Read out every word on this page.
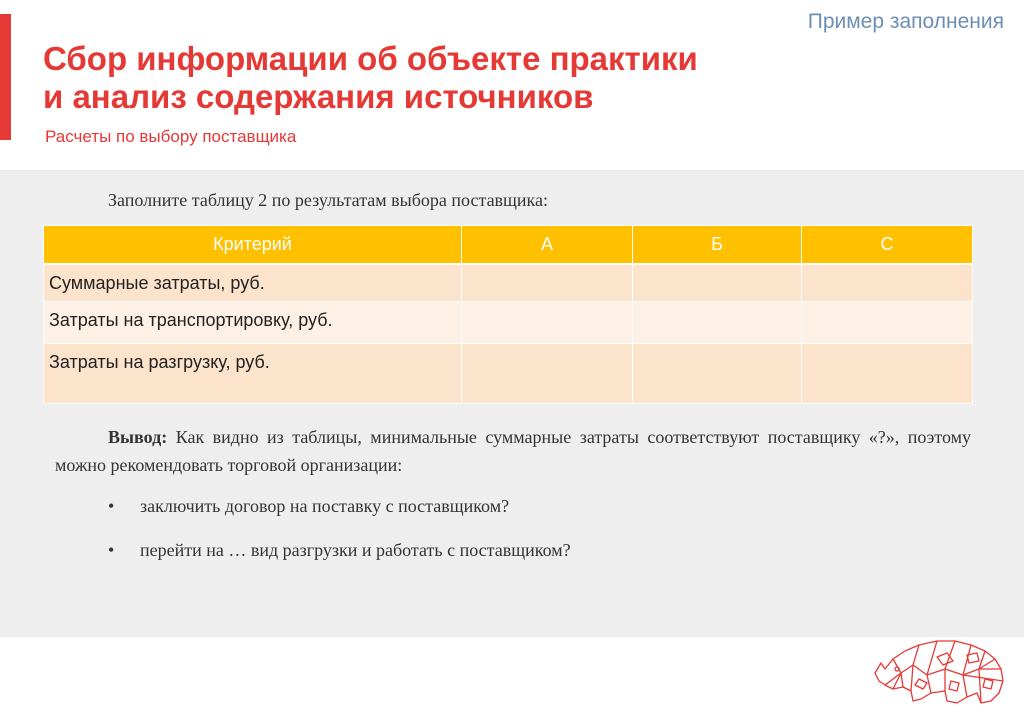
Пример заполнения
Сбор информации об объекте практики
и анализ содержания источников
Расчеты по выбору поставщика
Заполните таблицу 2 по результатам выбора поставщика:
Критерий	А	Б	С
Суммарные затраты, руб.			
Затраты на транспортировку, руб.			
Затраты на разгрузку, руб.			
Вывод: Как видно из таблицы, минимальные суммарные затраты соответствуют поставщику «?», поэтому можно рекомендовать торговой организации:
• заключить договор на поставку с поставщиком?
• перейти на … вид разгрузки и работать с поставщиком?
